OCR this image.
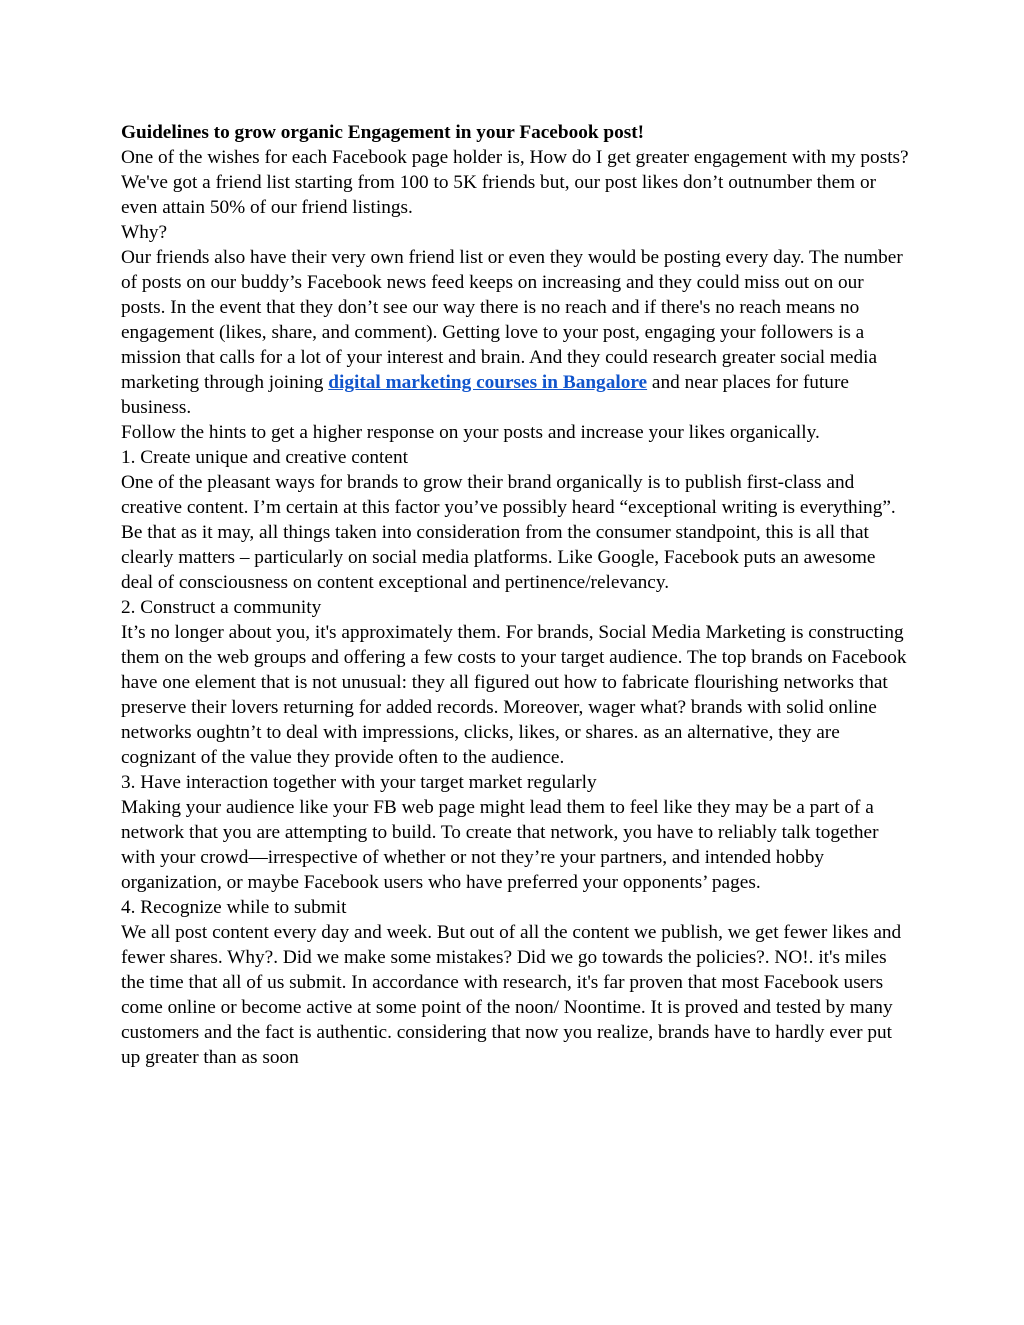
Guidelines to grow organic Engagement in your Facebook post!

One of the wishes for each Facebook page holder is, How do I get greater engagement with my posts? We've got a friend list starting from 100 to 5K friends but, our post likes don’t outnumber them or even attain 50% of our friend listings.

Why?

Our friends also have their very own friend list or even they would be posting every day. The number of posts on our buddy’s Facebook news feed keeps on increasing and they could miss out on our posts. In the event that they don’t see our way there is no reach and if there's no reach means no engagement (likes, share, and comment). Getting love to your post, engaging your followers is a mission that calls for a lot of your interest and brain. And they could research greater social media marketing through joining digital marketing courses in Bangalore and near places for future business.

Follow the hints to get a higher response on your posts and increase your likes organically.

1. Create unique and creative content

One of the pleasant ways for brands to grow their brand organically is to publish first-class and creative content. I’m certain at this factor you’ve possibly heard “exceptional writing is everything”. Be that as it may, all things taken into consideration from the consumer standpoint, this is all that clearly matters – particularly on social media platforms. Like Google, Facebook puts an awesome deal of consciousness on content exceptional and pertinence/relevancy.

2. Construct a community

It’s no longer about you, it's approximately them. For brands, Social Media Marketing is constructing them on the web groups and offering a few costs to your target audience. The top brands on Facebook have one element that is not unusual: they all figured out how to fabricate flourishing networks that preserve their lovers returning for added records. Moreover, wager what? brands with solid online networks oughtn’t to deal with impressions, clicks, likes, or shares. as an alternative, they are cognizant of the value they provide often to the audience.

3. Have interaction together with your target market regularly

Making your audience like your FB web page might lead them to feel like they may be a part of a network that you are attempting to build. To create that network, you have to reliably talk together with your crowd—irrespective of whether or not they’re your partners, and intended hobby organization, or maybe Facebook users who have preferred your opponents’ pages.

4. Recognize while to submit

We all post content every day and week. But out of all the content we publish, we get fewer likes and fewer shares. Why?. Did we make some mistakes? Did we go towards the policies?. NO!. it's miles the time that all of us submit. In accordance with research, it's far proven that most Facebook users come online or become active at some point of the noon/ Noontime. It is proved and tested by many customers and the fact is authentic. considering that now you realize, brands have to hardly ever put up greater than as soon
